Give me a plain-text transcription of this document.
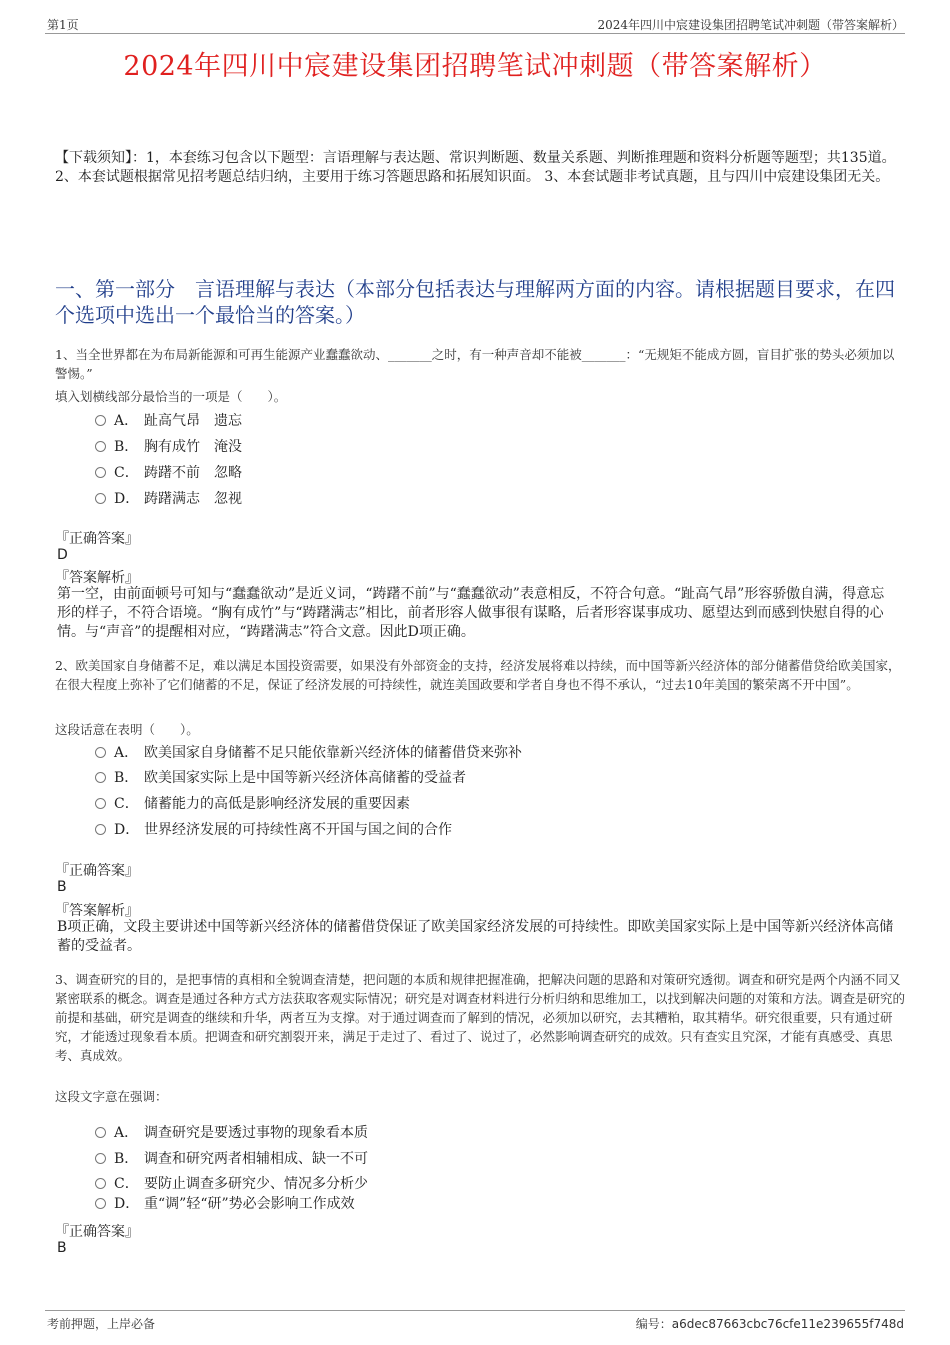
第1页	2024年四川中宸建设集团招聘笔试冲刺题（带答案解析）
2024年四川中宸建设集团招聘笔试冲刺题（带答案解析）
【下载须知】：1，本套练习包含以下题型：言语理解与表达题、常识判断题、数量关系题、判断推理题和资料分析题等题型；共135道。 2、本套试题根据常见招考题总结归纳，主要用于练习答题思路和拓展知识面。 3、本套试题非考试真题，且与四川中宸建设集团无关。
一、第一部分　言语理解与表达（本部分包括表达与理解两方面的内容。请根据题目要求，在四个选项中选出一个最恰当的答案。）
1、当全世界都在为布局新能源和可再生能源产业蠢蠢欲动、_______之时，有一种声音却不能被_______：“无规矩不能成方圆，盲目扩张的势头必须加以警惕。”
填入划横线部分最恰当的一项是（　　）。
A． 趾高气昂　遗忘
B． 胸有成竹　淹没
C． 踌躇不前　忽略
D． 踌躇满志　忽视
『正确答案』
D
『答案解析』
第一空，由前面顿号可知与“蠢蠢欲动”是近义词，“踌躇不前”与“蠢蠢欲动”表意相反，不符合句意。“趾高气昂”形容骄傲自满，得意忘形的样子，不符合语境。“胸有成竹”与“踌躇满志”相比，前者形容人做事很有谋略，后者形容谋事成功、愿望达到而感到快慰自得的心情。与“声音”的提醒相对应，“踌躇满志”符合文意。因此D项正确。
2、欧美国家自身储蓄不足，难以满足本国投资需要，如果没有外部资金的支持，经济发展将难以持续，而中国等新兴经济体的部分储蓄借贷给欧美国家，在很大程度上弥补了它们储蓄的不足，保证了经济发展的可持续性，就连美国政要和学者自身也不得不承认，“过去10年美国的繁荣离不开中国”。
这段话意在表明（　　）。
A． 欧美国家自身储蓄不足只能依靠新兴经济体的储蓄借贷来弥补
B． 欧美国家实际上是中国等新兴经济体高储蓄的受益者
C． 储蓄能力的高低是影响经济发展的重要因素
D． 世界经济发展的可持续性离不开国与国之间的合作
『正确答案』
B
『答案解析』
B项正确，文段主要讲述中国等新兴经济体的储蓄借贷保证了欧美国家经济发展的可持续性。即欧美国家实际上是中国等新兴经济体高储蓄的受益者。
3、调查研究的目的，是把事情的真相和全貌调查清楚，把问题的本质和规律把握准确，把解决问题的思路和对策研究透彻。调查和研究是两个内涵不同又紧密联系的概念。调查是通过各种方式方法获取客观实际情况；研究是对调查材料进行分析归纳和思维加工，以找到解决问题的对策和方法。调查是研究的前提和基础，研究是调查的继续和升华，两者互为支撑。对于通过调查而了解到的情况，必须加以研究，去其糟粕，取其精华。研究很重要，只有通过研究，才能透过现象看本质。把调查和研究割裂开来，满足于走过了、看过了、说过了，必然影响调查研究的成效。只有查实且究深，才能有真感受、真思考、真成效。
这段文字意在强调：
A． 调查研究是要透过事物的现象看本质
B． 调查和研究两者相辅相成、缺一不可
C． 要防止调查多研究少、情况多分析少
D． 重“调”轻“研”势必会影响工作成效
『正确答案』
B
考前押题，上岸必备	编号：a6dec87663cbc76cfe11e239655f748d
